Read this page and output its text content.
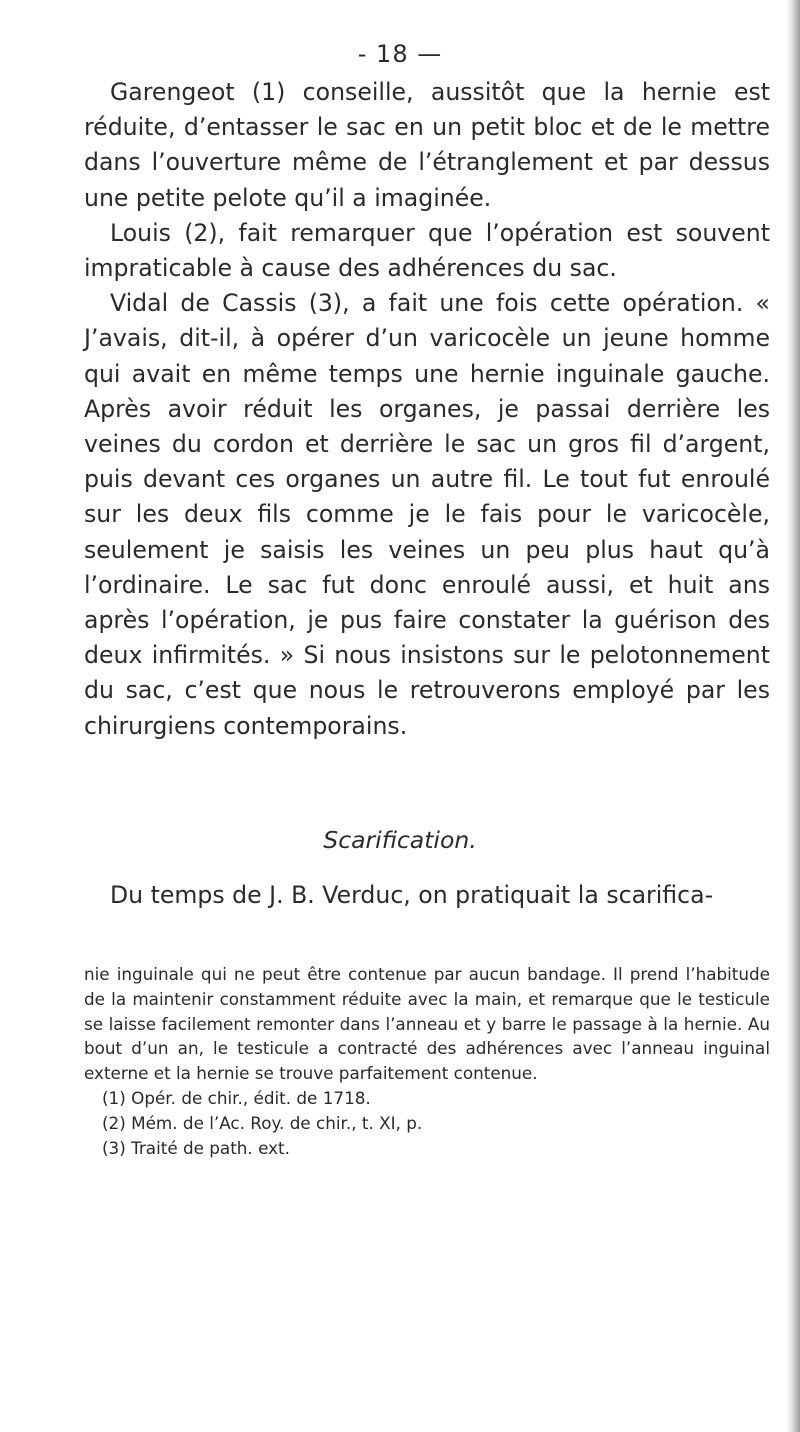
- 18 —

Garengeot (1) conseille, aussitôt que la hernie est réduite, d’entasser le sac en un petit bloc et de le mettre dans l’ouverture même de l’étranglement et par dessus une petite pelote qu’il a imaginée.

Louis (2), fait remarquer que l’opération est souvent impraticable à cause des adhérences du sac.

Vidal de Cassis (3), a fait une fois cette opération. « J’avais, dit-il, à opérer d’un varicocèle un jeune homme qui avait en même temps une hernie inguinale gauche. Après avoir réduit les organes, je passai derrière les veines du cordon et derrière le sac un gros fil d’argent, puis devant ces organes un autre fil. Le tout fut enroulé sur les deux fils comme je le fais pour le varicocèle, seulement je saisis les veines un peu plus haut qu’à l’ordinaire. Le sac fut donc enroulé aussi, et huit ans après l’opération, je pus faire constater la guérison des deux infirmités. » Si nous insistons sur le pelotonnement du sac, c’est que nous le retrouverons employé par les chirurgiens contemporains.

Scarification.

Du temps de J. B. Verduc, on pratiquait la scarifica-

nie inguinale qui ne peut être contenue par aucun bandage. Il prend l’habitude de la maintenir constamment réduite avec la main, et remarque que le testicule se laisse facilement remonter dans l’anneau et y barre le passage à la hernie. Au bout d’un an, le testicule a contracté des adhérences avec l’anneau inguinal externe et la hernie se trouve parfaitement contenue.

(1) Opér. de chir., édit. de 1718.
(2) Mém. de l’Ac. Roy. de chir., t. XI, p.
(3) Traité de path. ext.
